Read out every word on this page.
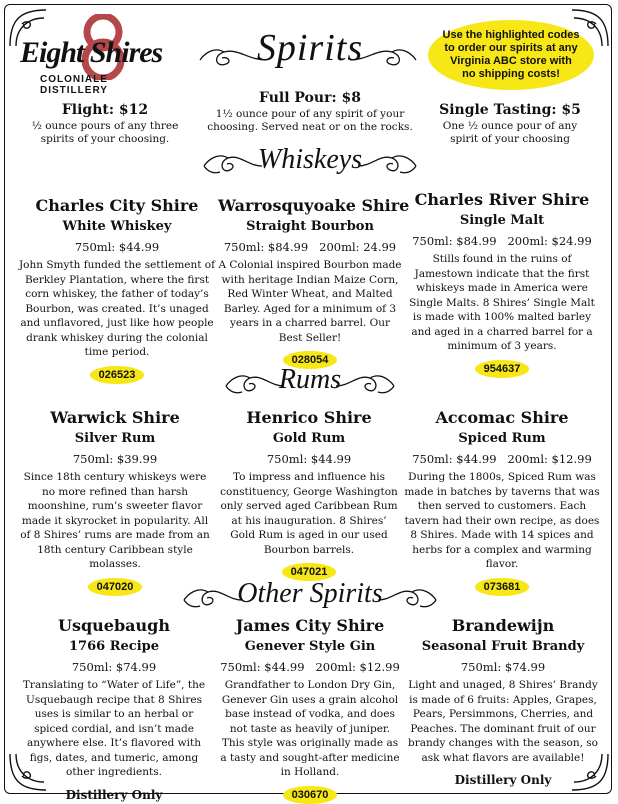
Eight Shires
COLONIALE DISTILLERY
Spirits	Use the highlighted codes to order our spirits at any Virginia ABC store with no shipping costs!
Flight: $12
½ ounce pours of any three spirits of your choosing.
Full Pour: $8
1½ ounce pour of any spirit of your choosing. Served neat or on the rocks.
Single Tasting: $5
One ½ ounce pour of any spirit of your choosing
Whiskeys
Charles City Shire
White Whiskey
750ml: $44.99
John Smyth funded the settlement of Berkley Plantation, where the first corn whiskey, the father of today’s Bourbon, was created. It’s unaged and unflavored, just like how people drank whiskey during the colonial time period.
026523
Warrosquyoake Shire
Straight Bourbon
750ml: $84.99   200ml: 24.99
A Colonial inspired Bourbon made with heritage Indian Maize Corn, Red Winter Wheat, and Malted Barley. Aged for a minimum of 3 years in a charred barrel. Our Best Seller!
028054
Charles River Shire
Single Malt
750ml: $84.99   200ml: $24.99
Stills found in the ruins of Jamestown indicate that the first whiskeys made in America were Single Malts. 8 Shires’ Single Malt is made with 100% malted barley and aged in a charred barrel for a minimum of 3 years.
954637
Rums
Warwick Shire
Silver Rum
750ml: $39.99
Since 18th century whiskeys were no more refined than harsh moonshine, rum’s sweeter flavor made it skyrocket in popularity. All of 8 Shires’ rums are made from an 18th century Caribbean style molasses.
047020
Henrico Shire
Gold Rum
750ml: $44.99
To impress and influence his constituency, George Washington only served aged Caribbean Rum at his inauguration. 8 Shires’ Gold Rum is aged in our used Bourbon barrels.
047021
Accomac Shire
Spiced Rum
750ml: $44.99   200ml: $12.99
During the 1800s, Spiced Rum was made in batches by taverns that was then served to customers. Each tavern had their own recipe, as does 8 Shires. Made with 14 spices and herbs for a complex and warming flavor.
073681
Other Spirits
Usquebaugh
1766 Recipe
750ml: $74.99
Translating to “Water of Life”, the Usquebaugh recipe that 8 Shires uses is similar to an herbal or spiced cordial, and isn’t made anywhere else. It’s flavored with figs, dates, and tumeric, among other ingredients.
Distillery Only
James City Shire
Genever Style Gin
750ml: $44.99   200ml: $12.99
Grandfather to London Dry Gin, Genever Gin uses a grain alcohol base instead of vodka, and does not taste as heavily of juniper. This style was originally made as a tasty and sought-after medicine in Holland.
030670
Brandewijn
Seasonal Fruit Brandy
750ml: $74.99
Light and unaged, 8 Shires’ Brandy is made of 6 fruits: Apples, Grapes, Pears, Persimmons, Cherries, and Peaches. The dominant fruit of our brandy changes with the season, so ask what flavors are available!
Distillery Only
